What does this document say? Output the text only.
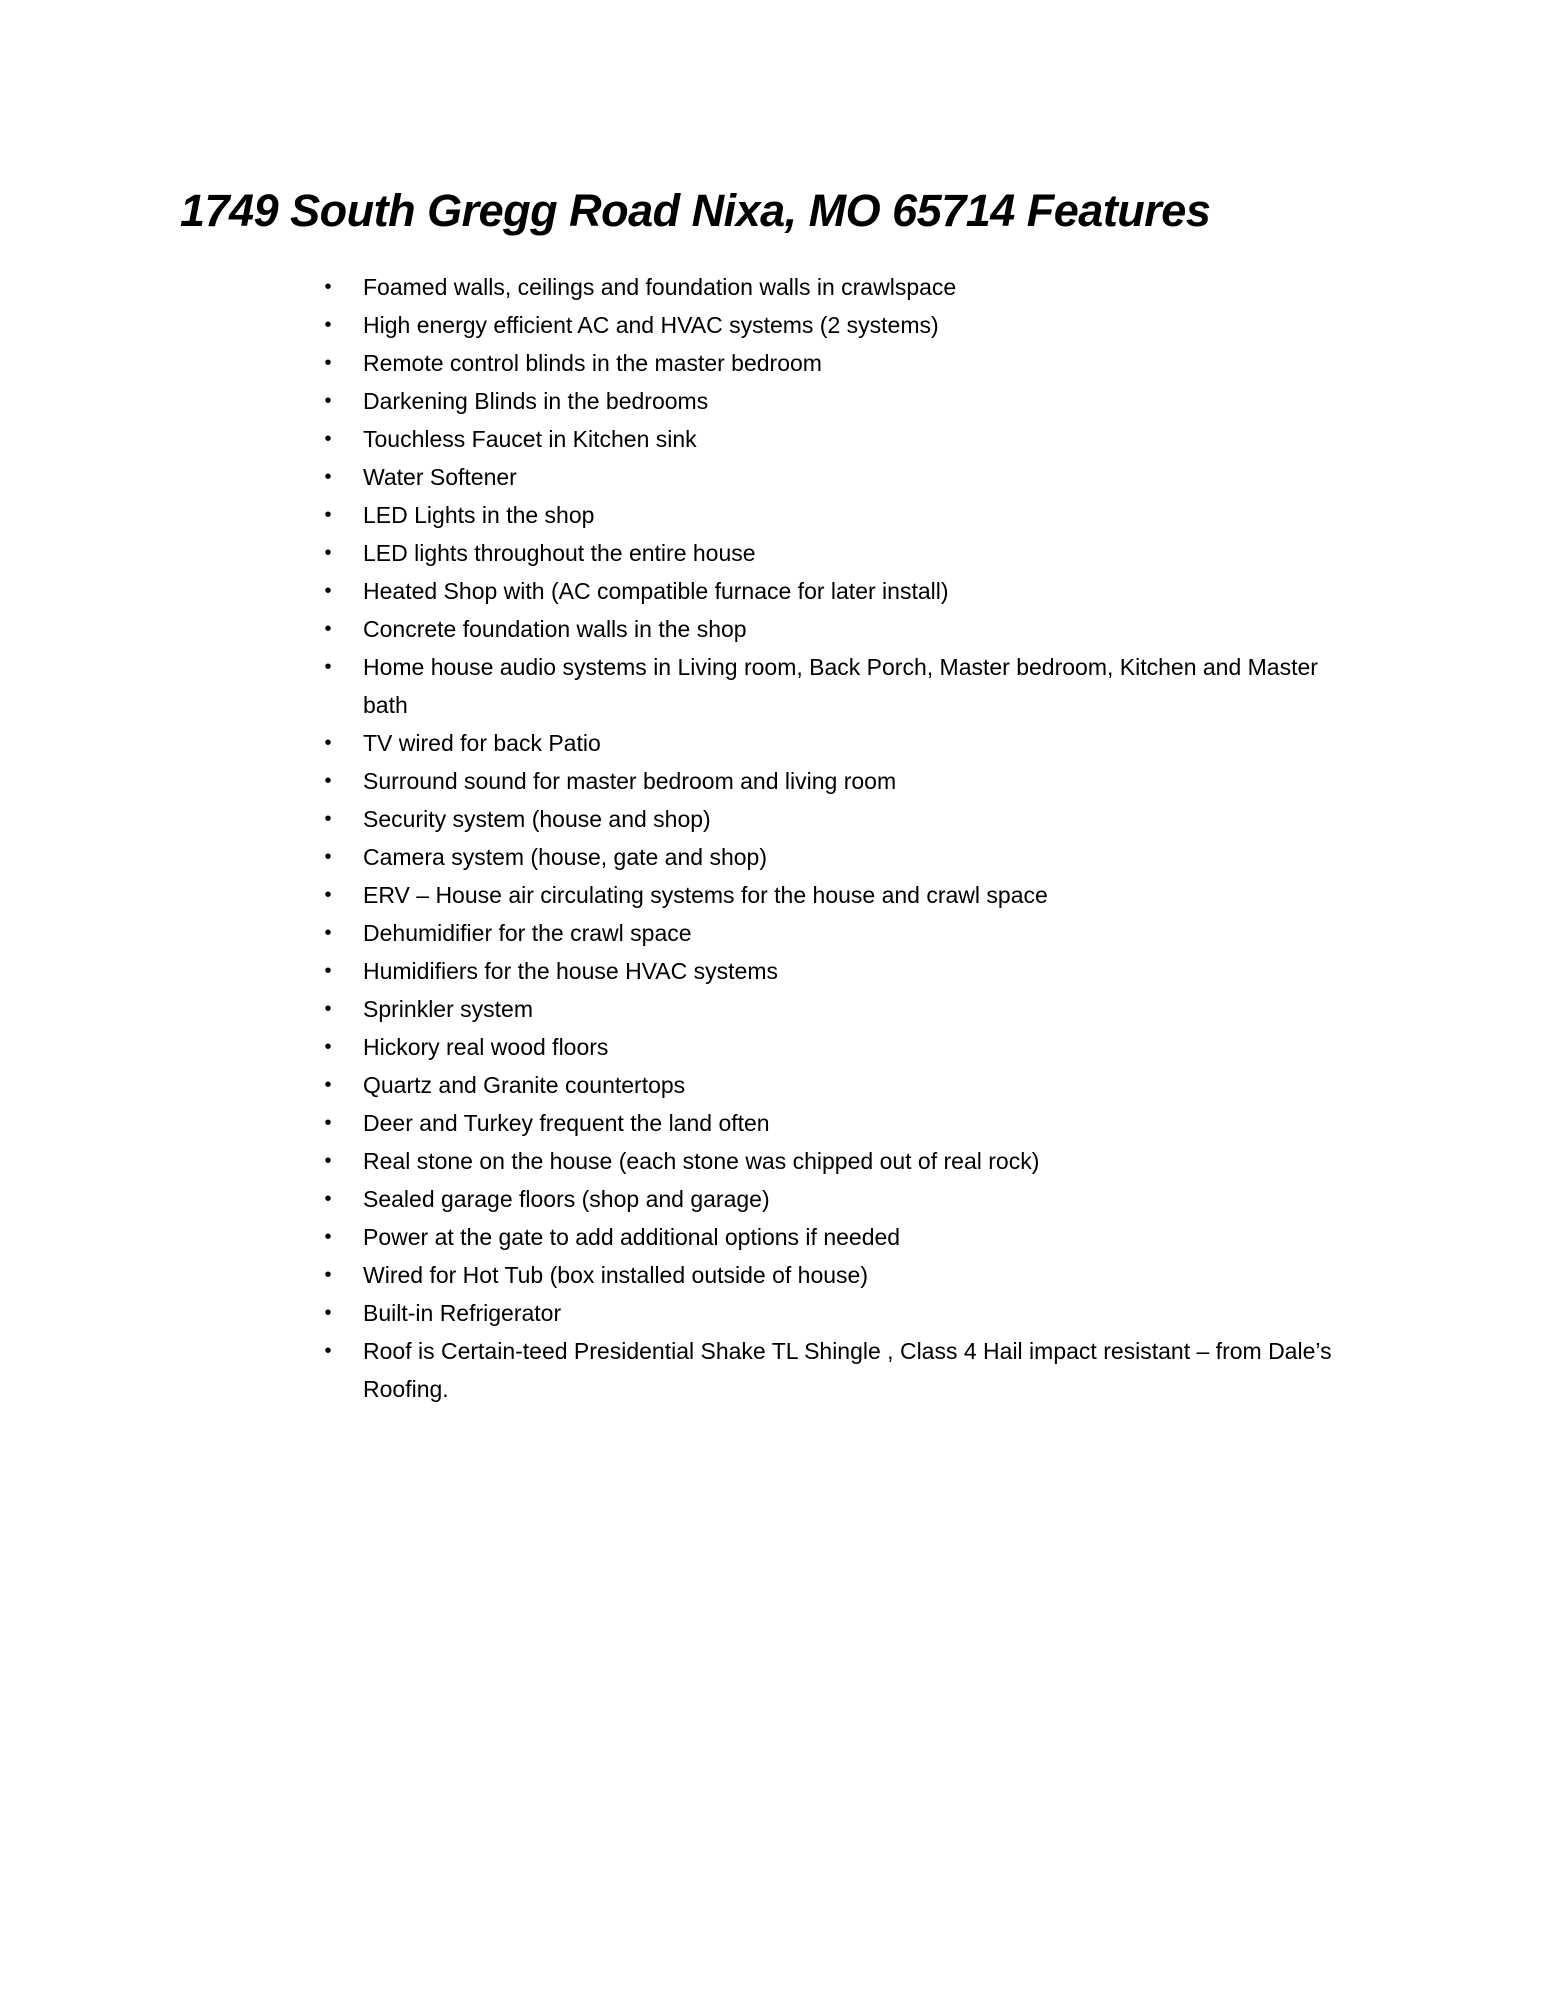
1749 South Gregg Road Nixa, MO 65714 Features
• Foamed walls, ceilings and foundation walls in crawlspace
• High energy efficient AC and HVAC systems (2 systems)
• Remote control blinds in the master bedroom
• Darkening Blinds in the bedrooms
• Touchless Faucet in Kitchen sink
• Water Softener
• LED Lights in the shop
• LED lights throughout the entire house
• Heated Shop with (AC compatible furnace for later install)
• Concrete foundation walls in the shop
• Home house audio systems in Living room, Back Porch, Master bedroom, Kitchen and Master bath
• TV wired for back Patio
• Surround sound for master bedroom and living room
• Security system (house and shop)
• Camera system (house, gate and shop)
• ERV – House air circulating systems for the house and crawl space
• Dehumidifier for the crawl space
• Humidifiers for the house HVAC systems
• Sprinkler system
• Hickory real wood floors
• Quartz and Granite countertops
• Deer and Turkey frequent the land often
• Real stone on the house (each stone was chipped out of real rock)
• Sealed garage floors (shop and garage)
• Power at the gate to add additional options if needed
• Wired for Hot Tub (box installed outside of house)
• Built-in Refrigerator
• Roof is Certain-teed Presidential Shake TL Shingle , Class 4 Hail impact resistant – from Dale’s Roofing.
